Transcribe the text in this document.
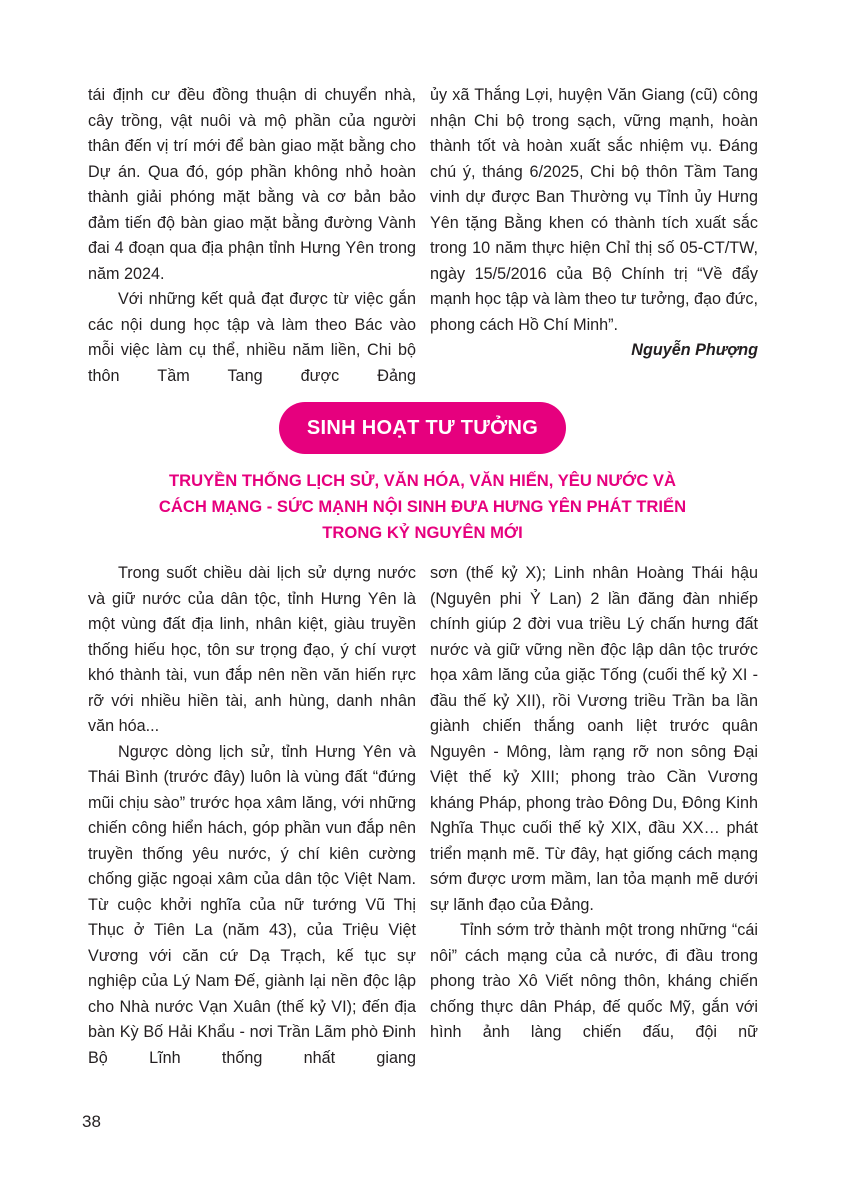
tái định cư đều đồng thuận di chuyển nhà, cây trồng, vật nuôi và mộ phần của người thân đến vị trí mới để bàn giao mặt bằng cho Dự án. Qua đó, góp phần không nhỏ hoàn thành giải phóng mặt bằng và cơ bản bảo đảm tiến độ bàn giao mặt bằng đường Vành đai 4 đoạn qua địa phận tỉnh Hưng Yên trong năm 2024.

Với những kết quả đạt được từ việc gắn các nội dung học tập và làm theo Bác vào mỗi việc làm cụ thể, nhiều năm liền, Chi bộ thôn Tầm Tang được Đảng

ủy xã Thắng Lợi, huyện Văn Giang (cũ) công nhận Chi bộ trong sạch, vững mạnh, hoàn thành tốt và hoàn xuất sắc nhiệm vụ. Đáng chú ý, tháng 6/2025, Chi bộ thôn Tầm Tang vinh dự được Ban Thường vụ Tỉnh ủy Hưng Yên tặng Bằng khen có thành tích xuất sắc trong 10 năm thực hiện Chỉ thị số 05-CT/TW, ngày 15/5/2016 của Bộ Chính trị “Về đẩy mạnh học tập và làm theo tư tưởng, đạo đức, phong cách Hồ Chí Minh”.

Nguyễn Phượng

SINH HOẠT TƯ TƯỞNG
TRUYỀN THỐNG LỊCH SỬ, VĂN HÓA, VĂN HIẾN, YÊU NƯỚC VÀ
CÁCH MẠNG - SỨC MẠNH NỘI SINH ĐƯA HƯNG YÊN PHÁT TRIỂN
TRONG KỶ NGUYÊN MỚI

Trong suốt chiều dài lịch sử dựng nước và giữ nước của dân tộc, tỉnh Hưng Yên là một vùng đất địa linh, nhân kiệt, giàu truyền thống hiếu học, tôn sư trọng đạo, ý chí vượt khó thành tài, vun đắp nên nền văn hiến rực rỡ với nhiều hiền tài, anh hùng, danh nhân văn hóa...

Ngược dòng lịch sử, tỉnh Hưng Yên và Thái Bình (trước đây) luôn là vùng đất “đứng mũi chịu sào” trước họa xâm lăng, với những chiến công hiển hách, góp phần vun đắp nên truyền thống yêu nước, ý chí kiên cường chống giặc ngoại xâm của dân tộc Việt Nam. Từ cuộc khởi nghĩa của nữ tướng Vũ Thị Thục ở Tiên La (năm 43), của Triệu Việt Vương với căn cứ Dạ Trạch, kế tục sự nghiệp của Lý Nam Đế, giành lại nền độc lập cho Nhà nước Vạn Xuân (thế kỷ VI); đến địa bàn Kỳ Bố Hải Khẩu - nơi Trần Lãm phò Đinh Bộ Lĩnh thống nhất giang

sơn (thế kỷ X); Linh nhân Hoàng Thái hậu (Nguyên phi Ỷ Lan) 2 lần đăng đàn nhiếp chính giúp 2 đời vua triều Lý chấn hưng đất nước và giữ vững nền độc lập dân tộc trước họa xâm lăng của giặc Tống (cuối thế kỷ XI - đầu thế kỷ XII), rồi Vương triều Trần ba lần giành chiến thắng oanh liệt trước quân Nguyên - Mông, làm rạng rỡ non sông Đại Việt thế kỷ XIII; phong trào Cần Vương kháng Pháp, phong trào Đông Du, Đông Kinh Nghĩa Thục cuối thế kỷ XIX, đầu XX… phát triển mạnh mẽ. Từ đây, hạt giống cách mạng sớm được ươm mầm, lan tỏa mạnh mẽ dưới sự lãnh đạo của Đảng.

Tỉnh sớm trở thành một trong những “cái nôi” cách mạng của cả nước, đi đầu trong phong trào Xô Viết nông thôn, kháng chiến chống thực dân Pháp, đế quốc Mỹ, gắn với hình ảnh làng chiến đấu, đội nữ

38
